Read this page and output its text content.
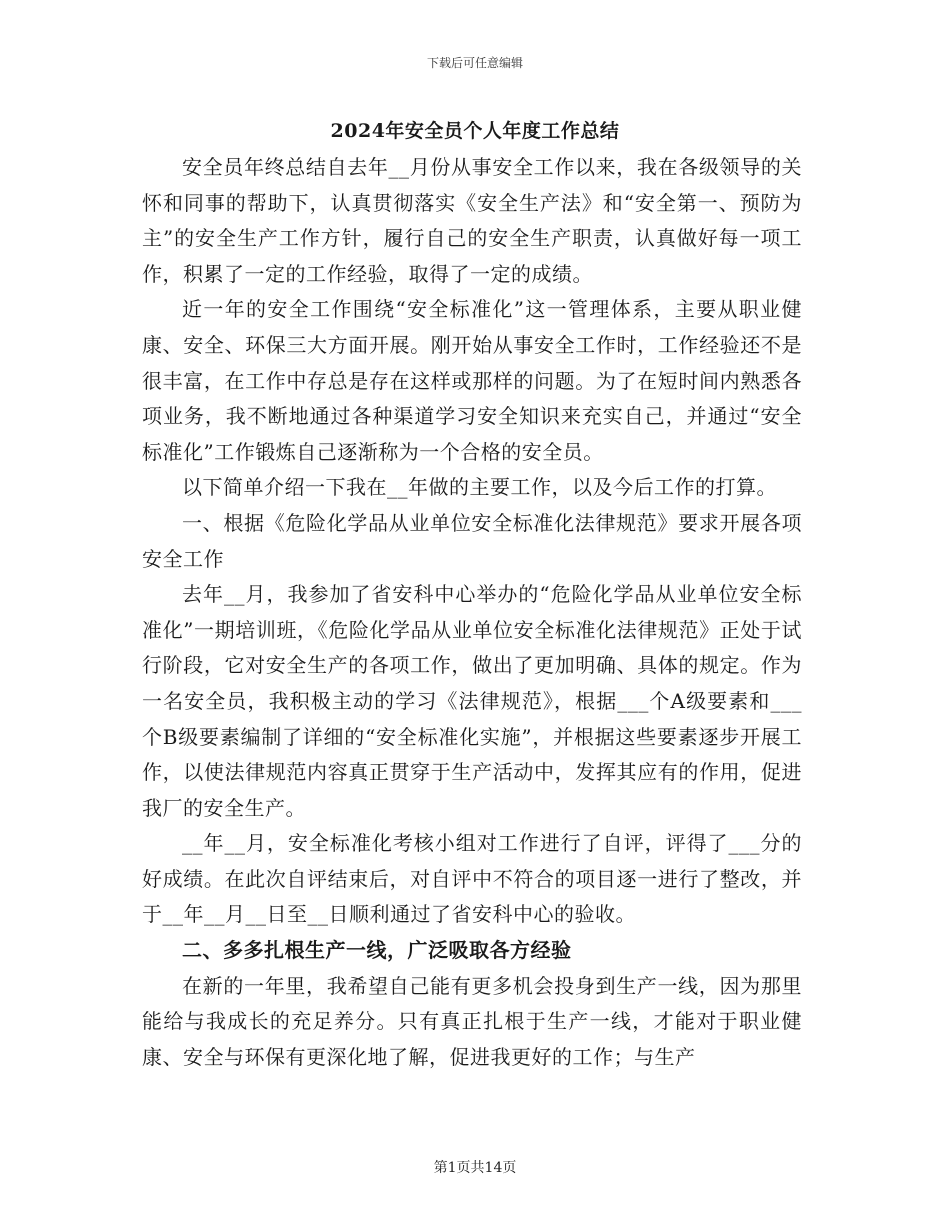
下载后可任意编辑
2024年安全员个人年度工作总结

安全员年终总结自去年__月份从事安全工作以来，我在各级领导的关怀和同事的帮助下，认真贯彻落实《安全生产法》和“安全第一、预防为主”的安全生产工作方针，履行自己的安全生产职责，认真做好每一项工作，积累了一定的工作经验，取得了一定的成绩。

近一年的安全工作围绕“安全标准化”这一管理体系，主要从职业健康、安全、环保三大方面开展。刚开始从事安全工作时，工作经验还不是很丰富，在工作中存总是存在这样或那样的问题。为了在短时间内熟悉各项业务，我不断地通过各种渠道学习安全知识来充实自己，并通过“安全标准化”工作锻炼自己逐渐称为一个合格的安全员。

以下简单介绍一下我在__年做的主要工作，以及今后工作的打算。

一、根据《危险化学品从业单位安全标准化法律规范》要求开展各项安全工作

去年__月，我参加了省安科中心举办的“危险化学品从业单位安全标准化”一期培训班，《危险化学品从业单位安全标准化法律规范》正处于试行阶段，它对安全生产的各项工作，做出了更加明确、具体的规定。作为一名安全员，我积极主动的学习《法律规范》，根据___个A级要素和___个B级要素编制了详细的“安全标准化实施”，并根据这些要素逐步开展工作，以使法律规范内容真正贯穿于生产活动中，发挥其应有的作用，促进我厂的安全生产。

__年__月，安全标准化考核小组对工作进行了自评，评得了___分的好成绩。在此次自评结束后，对自评中不符合的项目逐一进行了整改，并于__年__月__日至__日顺利通过了省安科中心的验收。

二、多多扎根生产一线，广泛吸取各方经验

在新的一年里，我希望自己能有更多机会投身到生产一线，因为那里能给与我成长的充足养分。只有真正扎根于生产一线，才能对于职业健康、安全与环保有更深化地了解，促进我更好的工作；与生产

第1页共14页
